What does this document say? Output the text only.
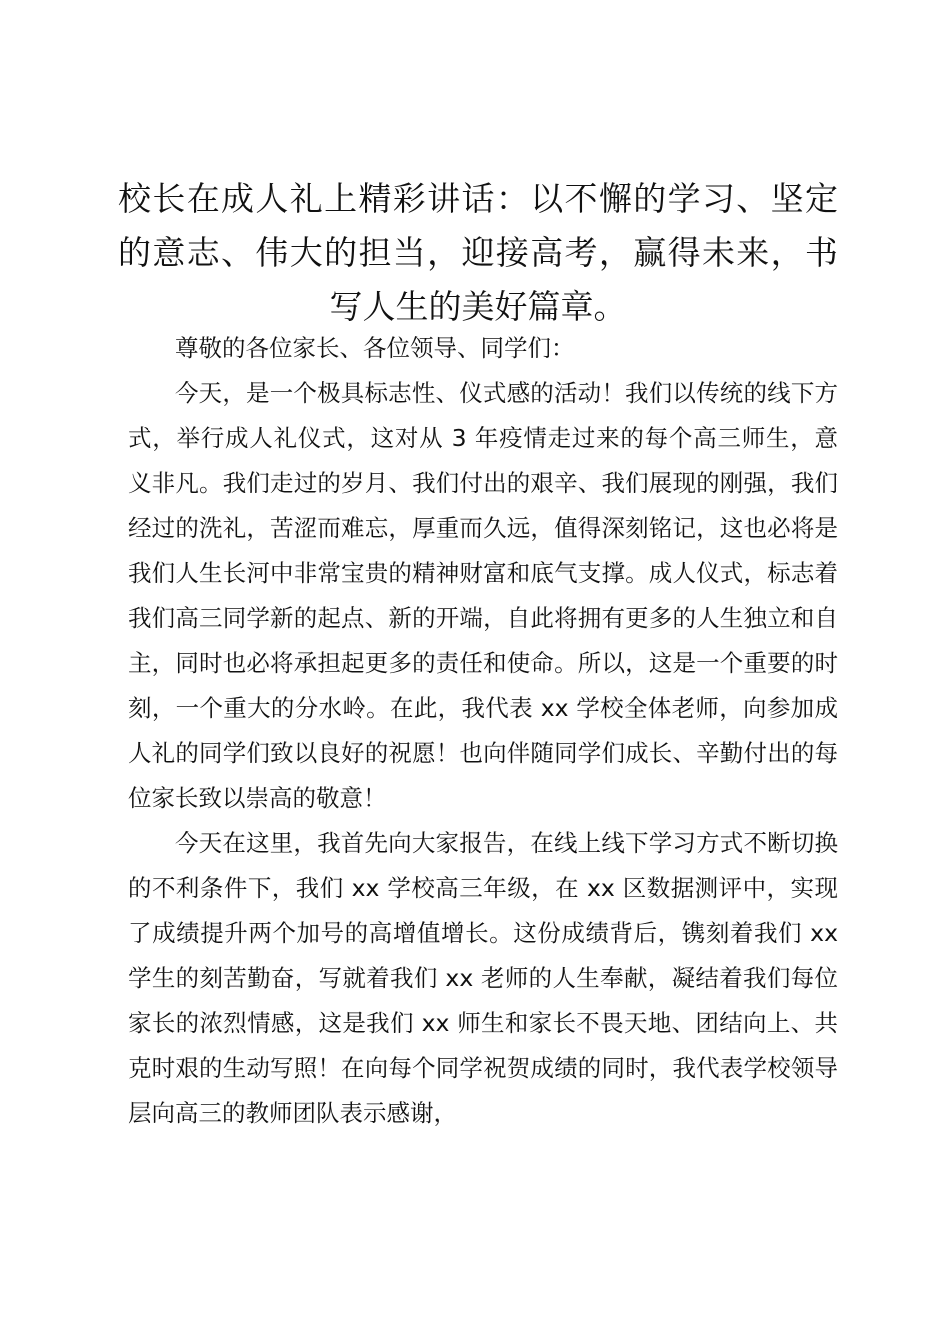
校长在成人礼上精彩讲话：以不懈的学习、坚定的意志、伟大的担当，迎接高考，赢得未来，书写人生的美好篇章。

尊敬的各位家长、各位领导、同学们：

今天，是一个极具标志性、仪式感的活动！我们以传统的线下方式，举行成人礼仪式，这对从 3 年疫情走过来的每个高三师生，意义非凡。我们走过的岁月、我们付出的艰辛、我们展现的刚强，我们经过的洗礼，苦涩而难忘，厚重而久远，值得深刻铭记，这也必将是我们人生长河中非常宝贵的精神财富和底气支撑。成人仪式，标志着我们高三同学新的起点、新的开端，自此将拥有更多的人生独立和自主，同时也必将承担起更多的责任和使命。所以，这是一个重要的时刻，一个重大的分水岭。在此，我代表 xx 学校全体老师，向参加成人礼的同学们致以良好的祝愿！也向伴随同学们成长、辛勤付出的每位家长致以崇高的敬意！

今天在这里，我首先向大家报告，在线上线下学习方式不断切换的不利条件下，我们 xx 学校高三年级，在 xx 区数据测评中，实现了成绩提升两个加号的高增值增长。这份成绩背后，镌刻着我们 xx 学生的刻苦勤奋，写就着我们 xx 老师的人生奉献，凝结着我们每位家长的浓烈情感，这是我们 xx 师生和家长不畏天地、团结向上、共克时艰的生动写照！在向每个同学祝贺成绩的同时，我代表学校领导层向高三的教师团队表示感谢，
